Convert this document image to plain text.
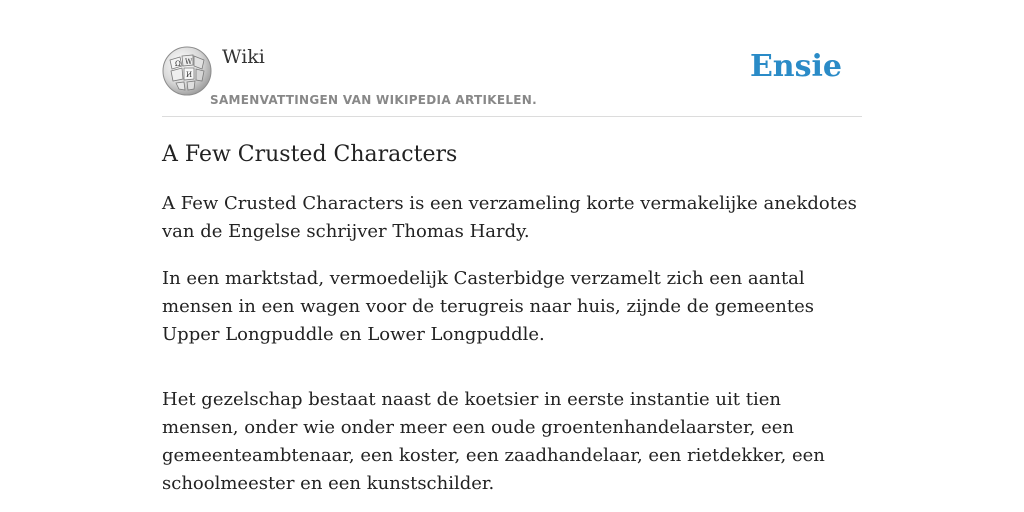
Ω W
И
Wiki
SAMENVATTINGEN VAN WIKIPEDIA ARTIKELEN.
Ensie
A Few Crusted Characters

A Few Crusted Characters is een verzameling korte vermakelijke anekdotes van de Engelse schrijver Thomas Hardy.

In een marktstad, vermoedelijk Casterbidge verzamelt zich een aantal mensen in een wagen voor de terugreis naar huis, zijnde de gemeentes Upper Longpuddle en Lower Longpuddle.

Het gezelschap bestaat naast de koetsier in eerste instantie uit tien mensen, onder wie onder meer een oude groentenhandelaarster, een gemeenteambtenaar, een koster, een zaadhandelaar, een rietdekker, een schoolmeester en een kunstschilder.
